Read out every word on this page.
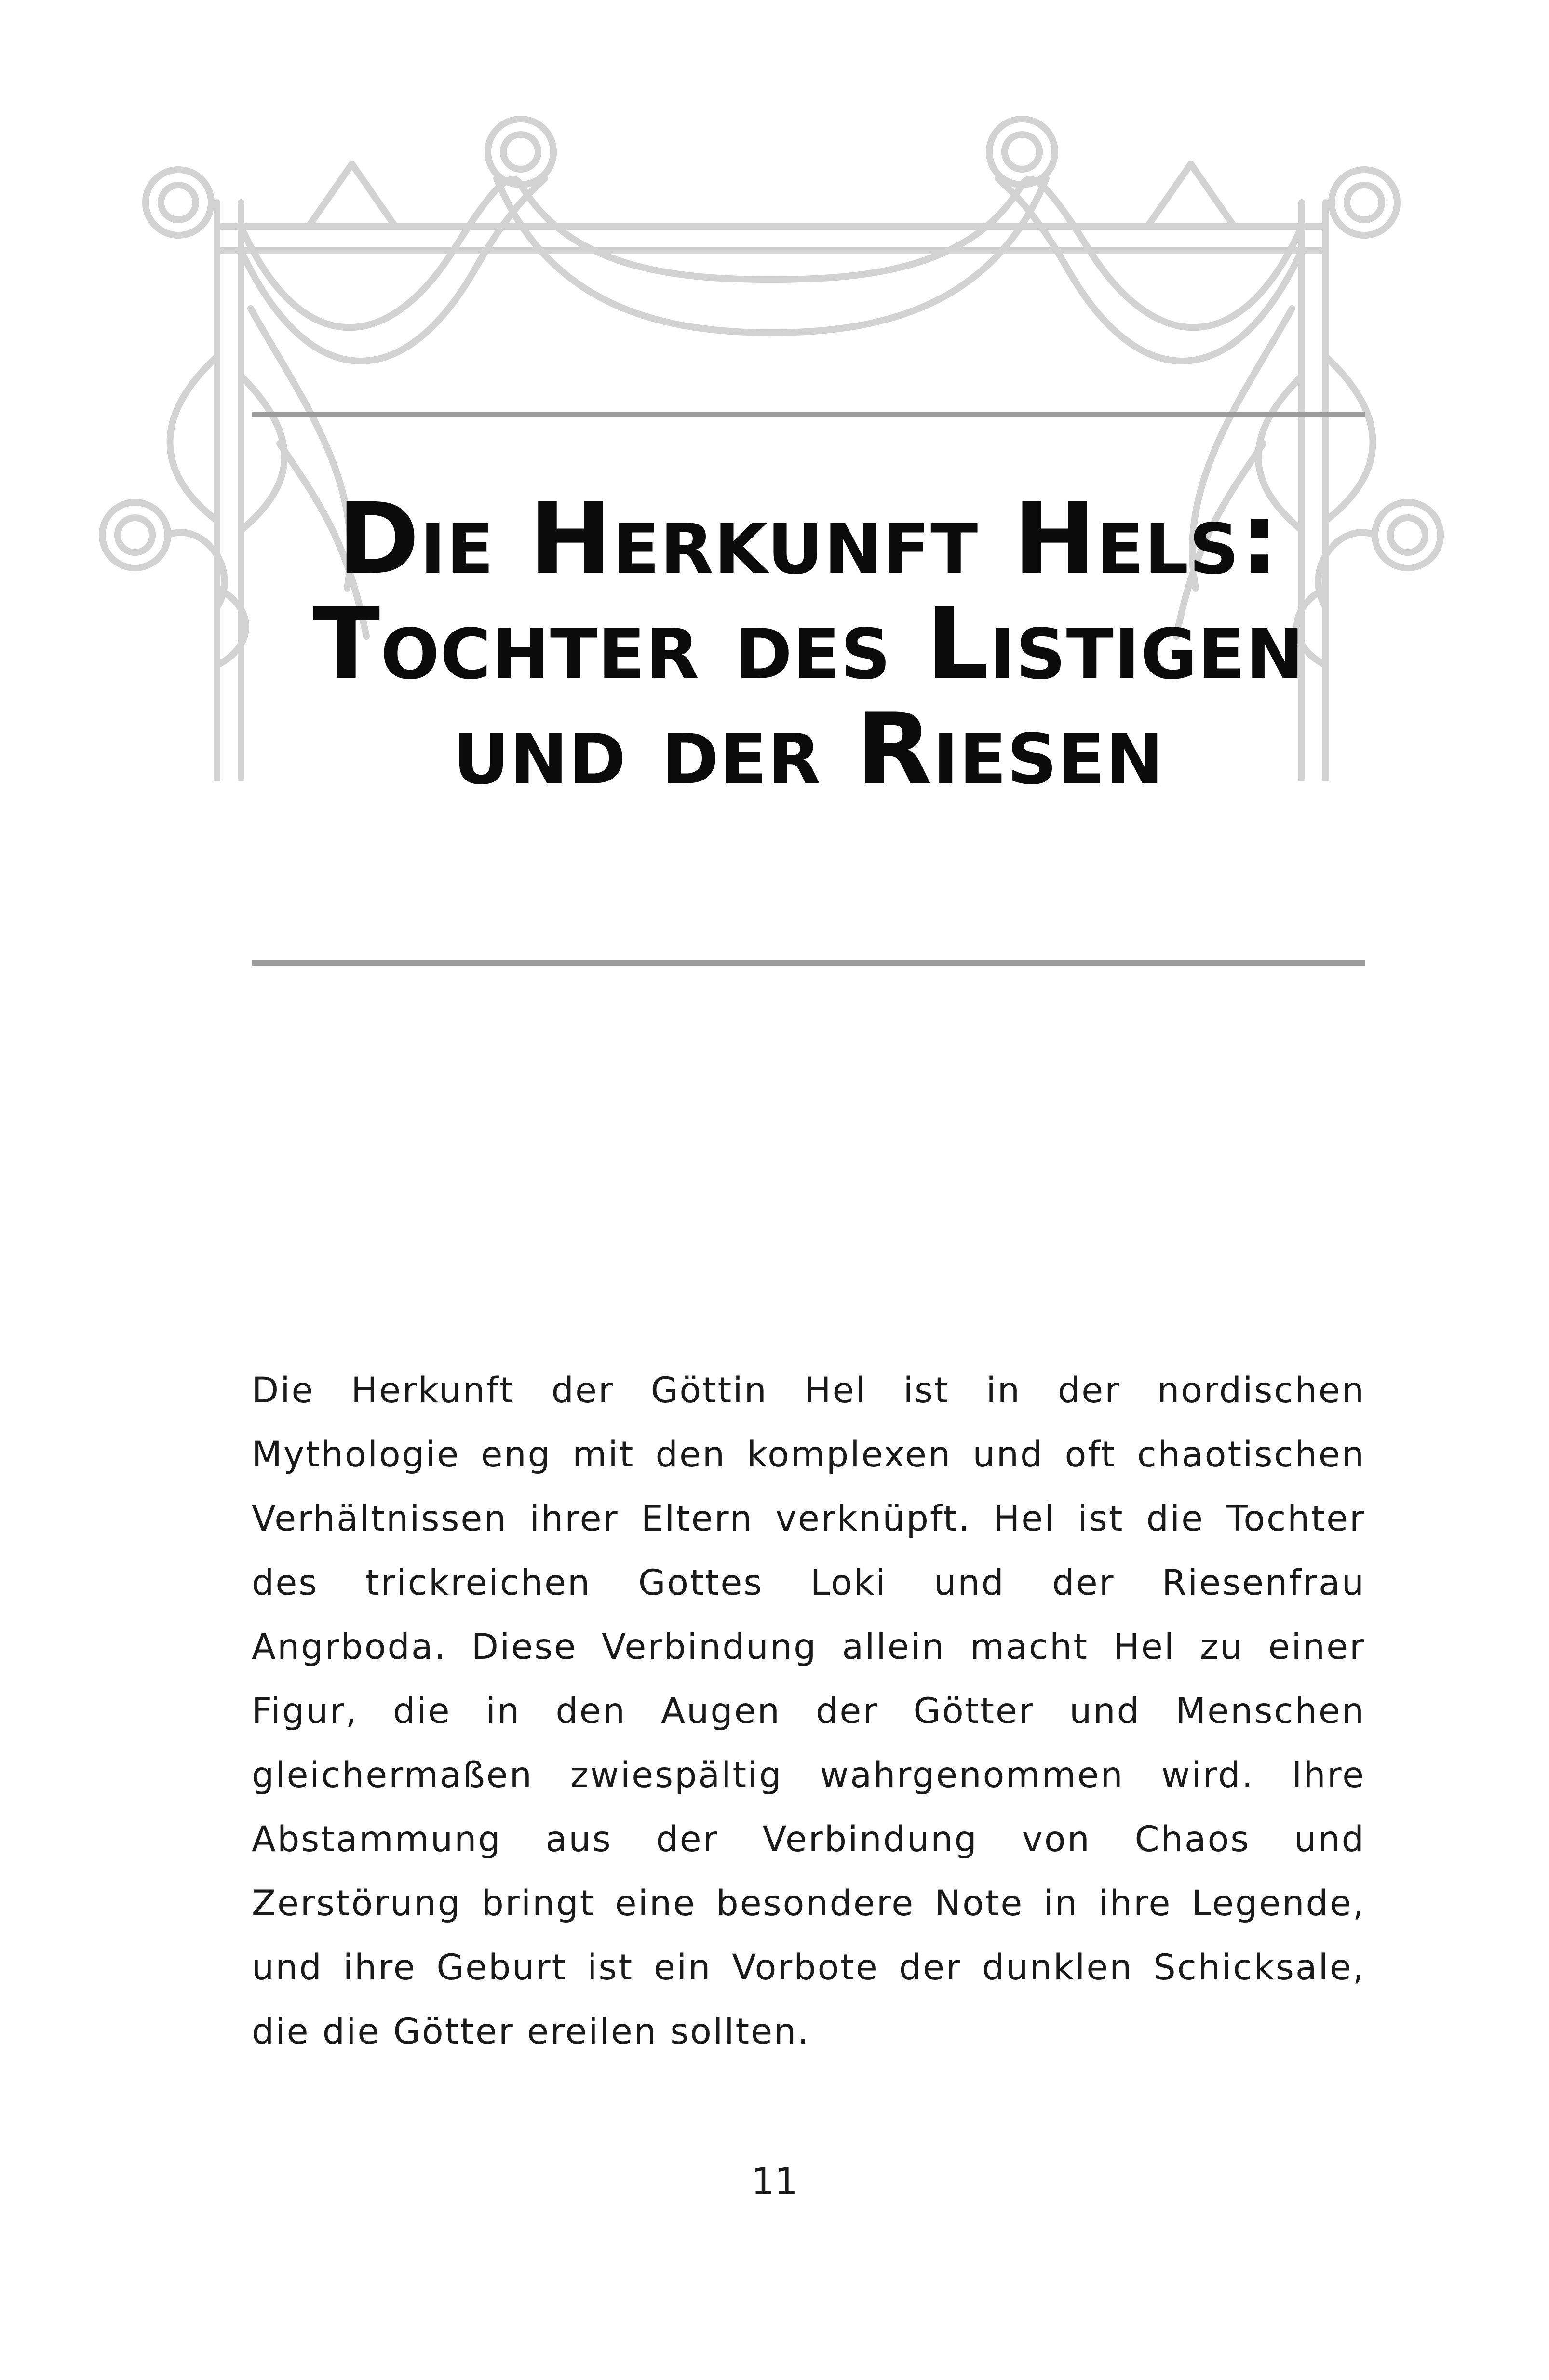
Die Herkunft Hels: Tochter des Listigen und der Riesen

Die Herkunft der Göttin Hel ist in der nordischen Mythologie eng mit den komplexen und oft chaotischen Verhältnissen ihrer Eltern verknüpft. Hel ist die Tochter des trickreichen Gottes Loki und der Riesenfrau Angrboda. Diese Verbindung allein macht Hel zu einer Figur, die in den Augen der Götter und Menschen gleichermaßen zwiespältig wahrgenommen wird. Ihre Abstammung aus der Verbindung von Chaos und Zerstörung bringt eine besondere Note in ihre Legende, und ihre Geburt ist ein Vorbote der dunklen Schicksale, die die Götter ereilen sollten.

11
